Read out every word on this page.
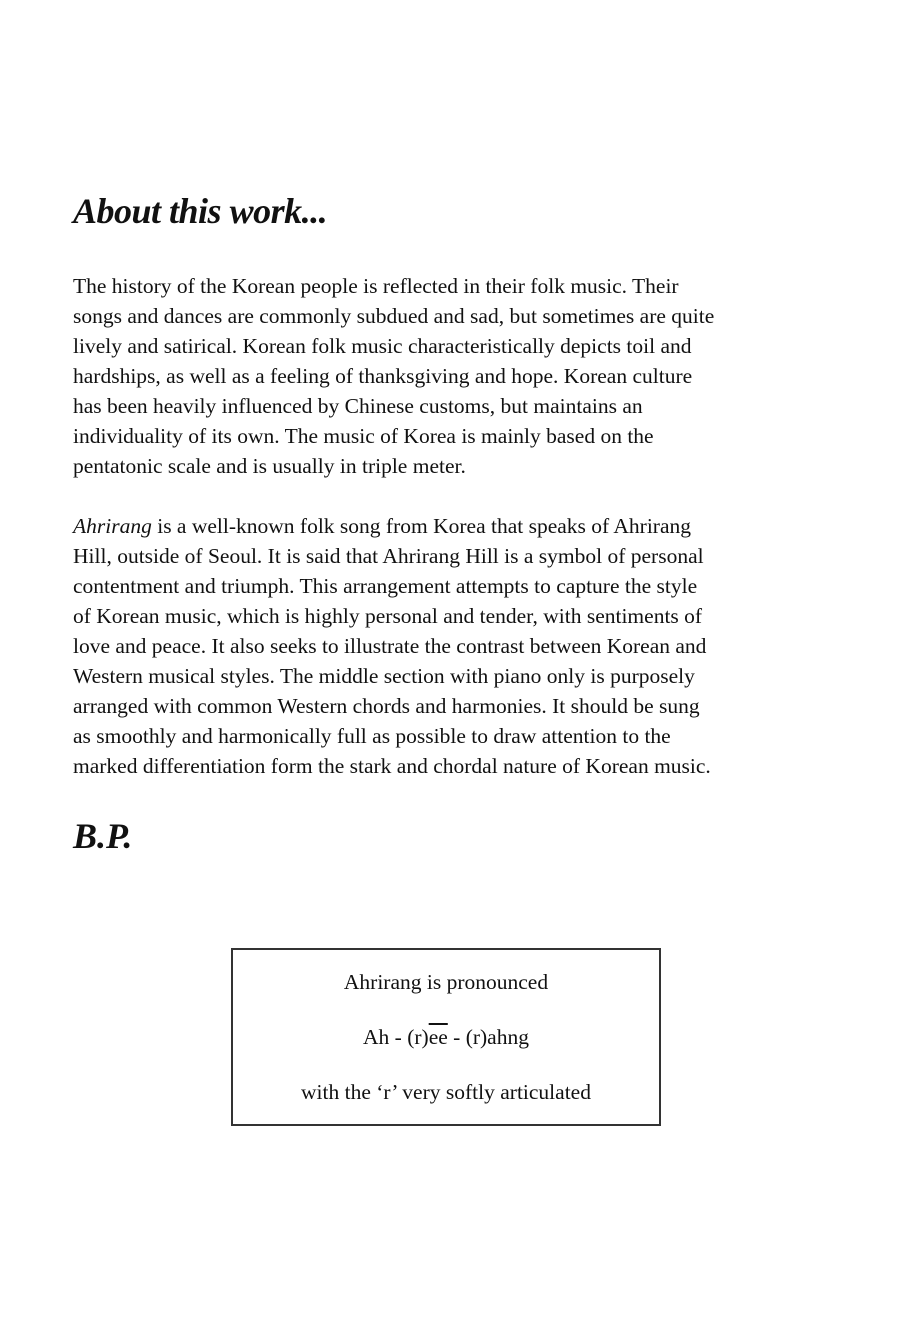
About this work...
The history of the Korean people is reflected in their folk music. Their
songs and dances are commonly subdued and sad, but sometimes are quite
lively and satirical. Korean folk music characteristically depicts toil and
hardships, as well as a feeling of thanksgiving and hope. Korean culture
has been heavily influenced by Chinese customs, but maintains an
individuality of its own. The music of Korea is mainly based on the
pentatonic scale and is usually in triple meter.
Ahrirang is a well-known folk song from Korea that speaks of Ahrirang
Hill, outside of Seoul. It is said that Ahrirang Hill is a symbol of personal
contentment and triumph. This arrangement attempts to capture the style
of Korean music, which is highly personal and tender, with sentiments of
love and peace. It also seeks to illustrate the contrast between Korean and
Western musical styles. The middle section with piano only is purposely
arranged with common Western chords and harmonies. It should be sung
as smoothly and harmonically full as possible to draw attention to the
marked differentiation form the stark and chordal nature of Korean music.
B.P.
Ahrirang is pronounced
Ah - $(r)\overline{ee}$ - (r)ahng
with the ‘r’ very softly articulated
